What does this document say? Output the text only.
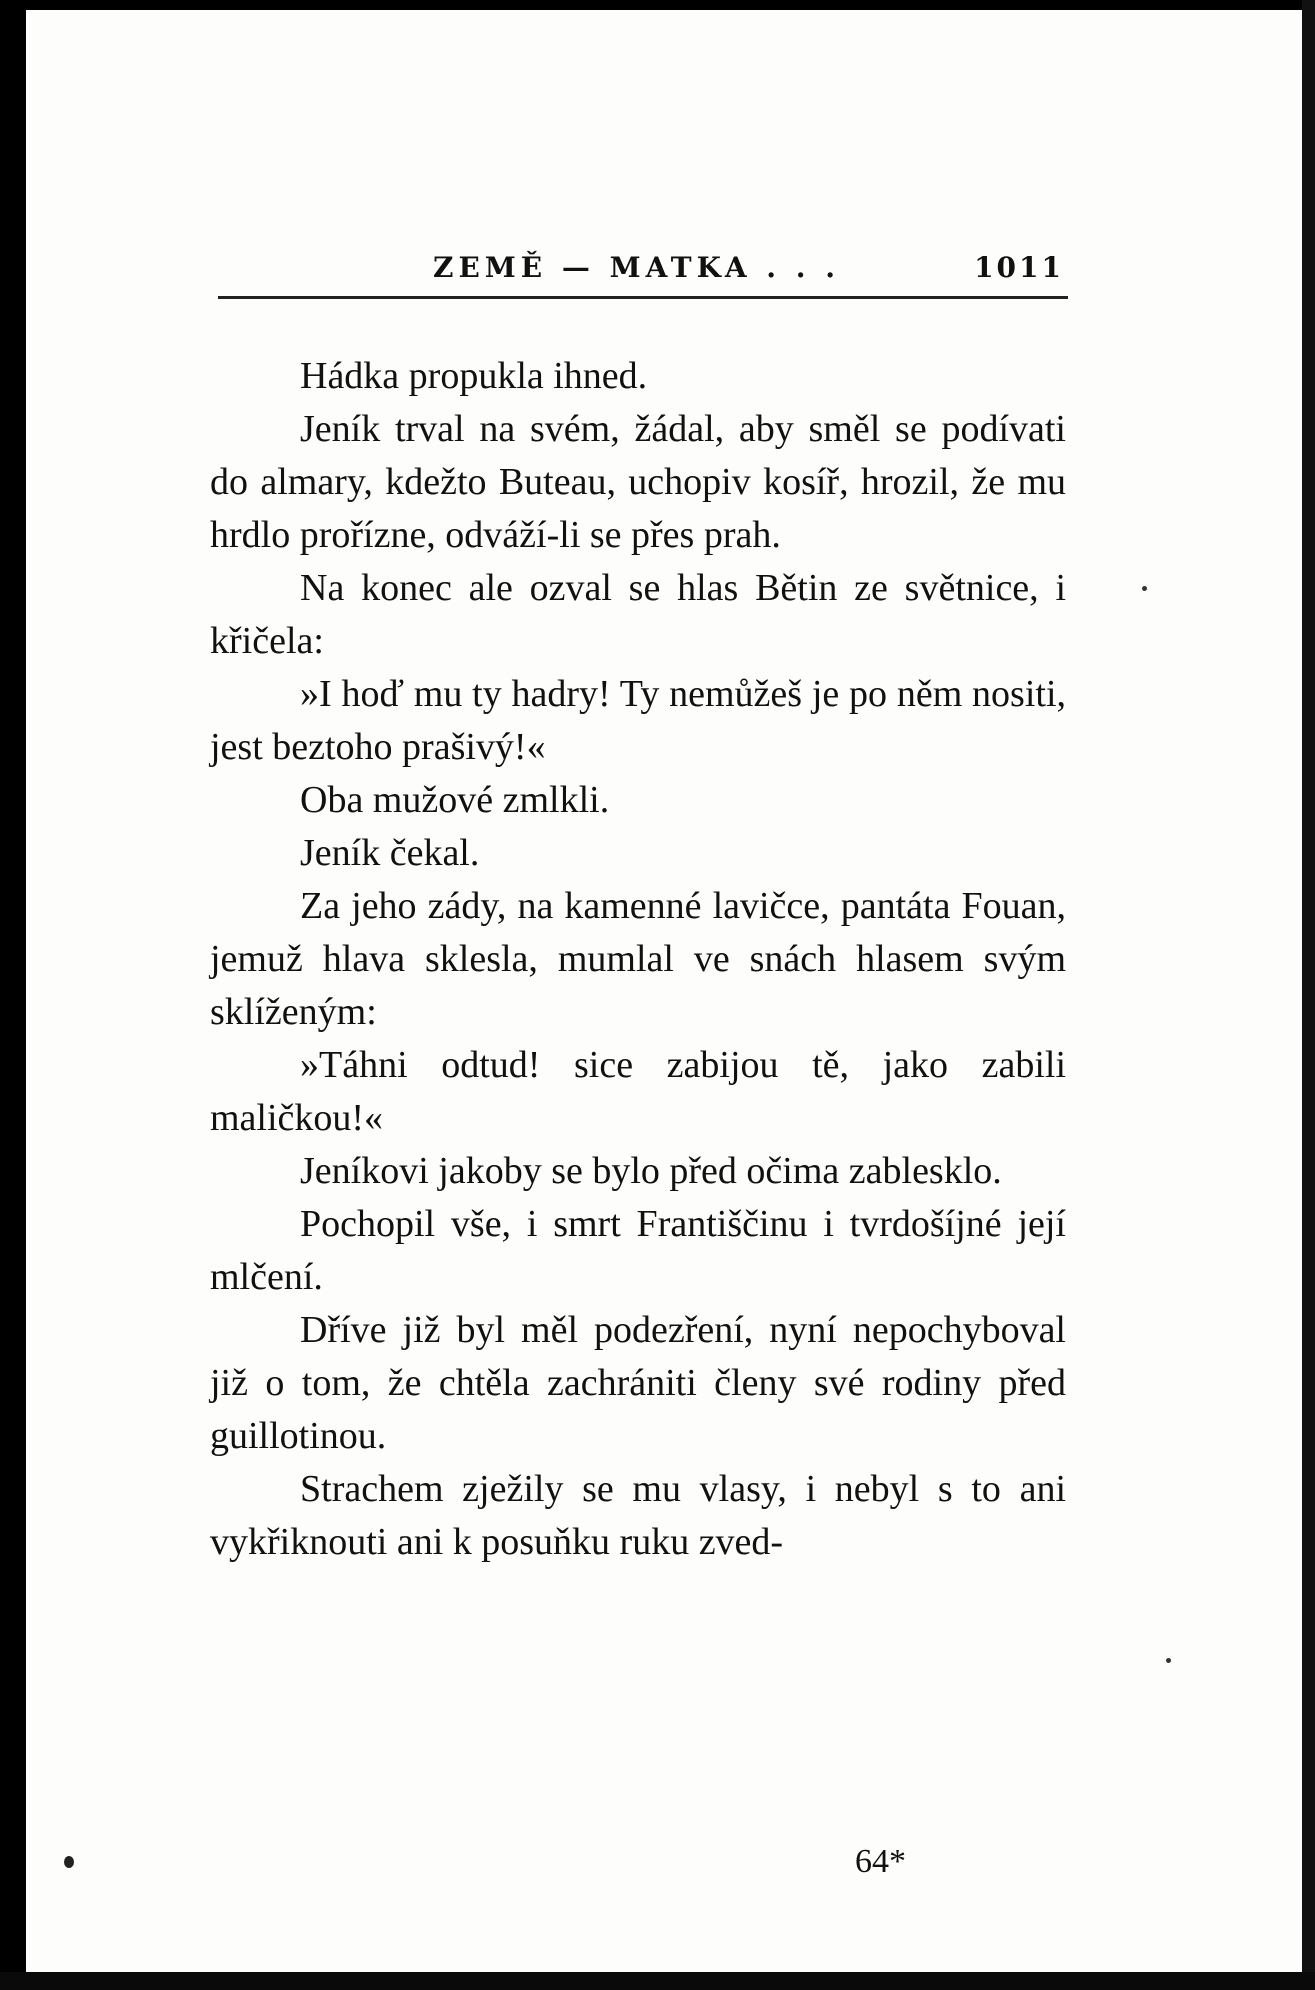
ZEMĚ — MATKA . . .	1011

Hádka propukla ihned.

Jeník trval na svém, žádal, aby směl se podívati do almary, kdežto Buteau, uchopiv kosíř, hrozil, že mu hrdlo prořízne, odváží-li se přes prah.

Na konec ale ozval se hlas Bětin ze světnice, i křičela:

»I hoď mu ty hadry! Ty nemůžeš je po něm nositi, jest beztoho prašivý!«

Oba mužové zmlkli.

Jeník čekal.

Za jeho zády, na kamenné lavičce, pantáta Fouan, jemuž hlava sklesla, mumlal ve snách hlasem svým sklíženým:

»Táhni odtud! sice zabijou tě, jako zabili maličkou!«

Jeníkovi jakoby se bylo před očima zablesklo.

Pochopil vše, i smrt Františčinu i tvrdošíjné její mlčení.

Dříve již byl měl podezření, nyní nepochyboval již o tom, že chtěla zachrániti členy své rodiny před guillotinou.

Strachem zježily se mu vlasy, i nebyl s to ani vykřiknouti ani k posuňku ruku zved-

64*
